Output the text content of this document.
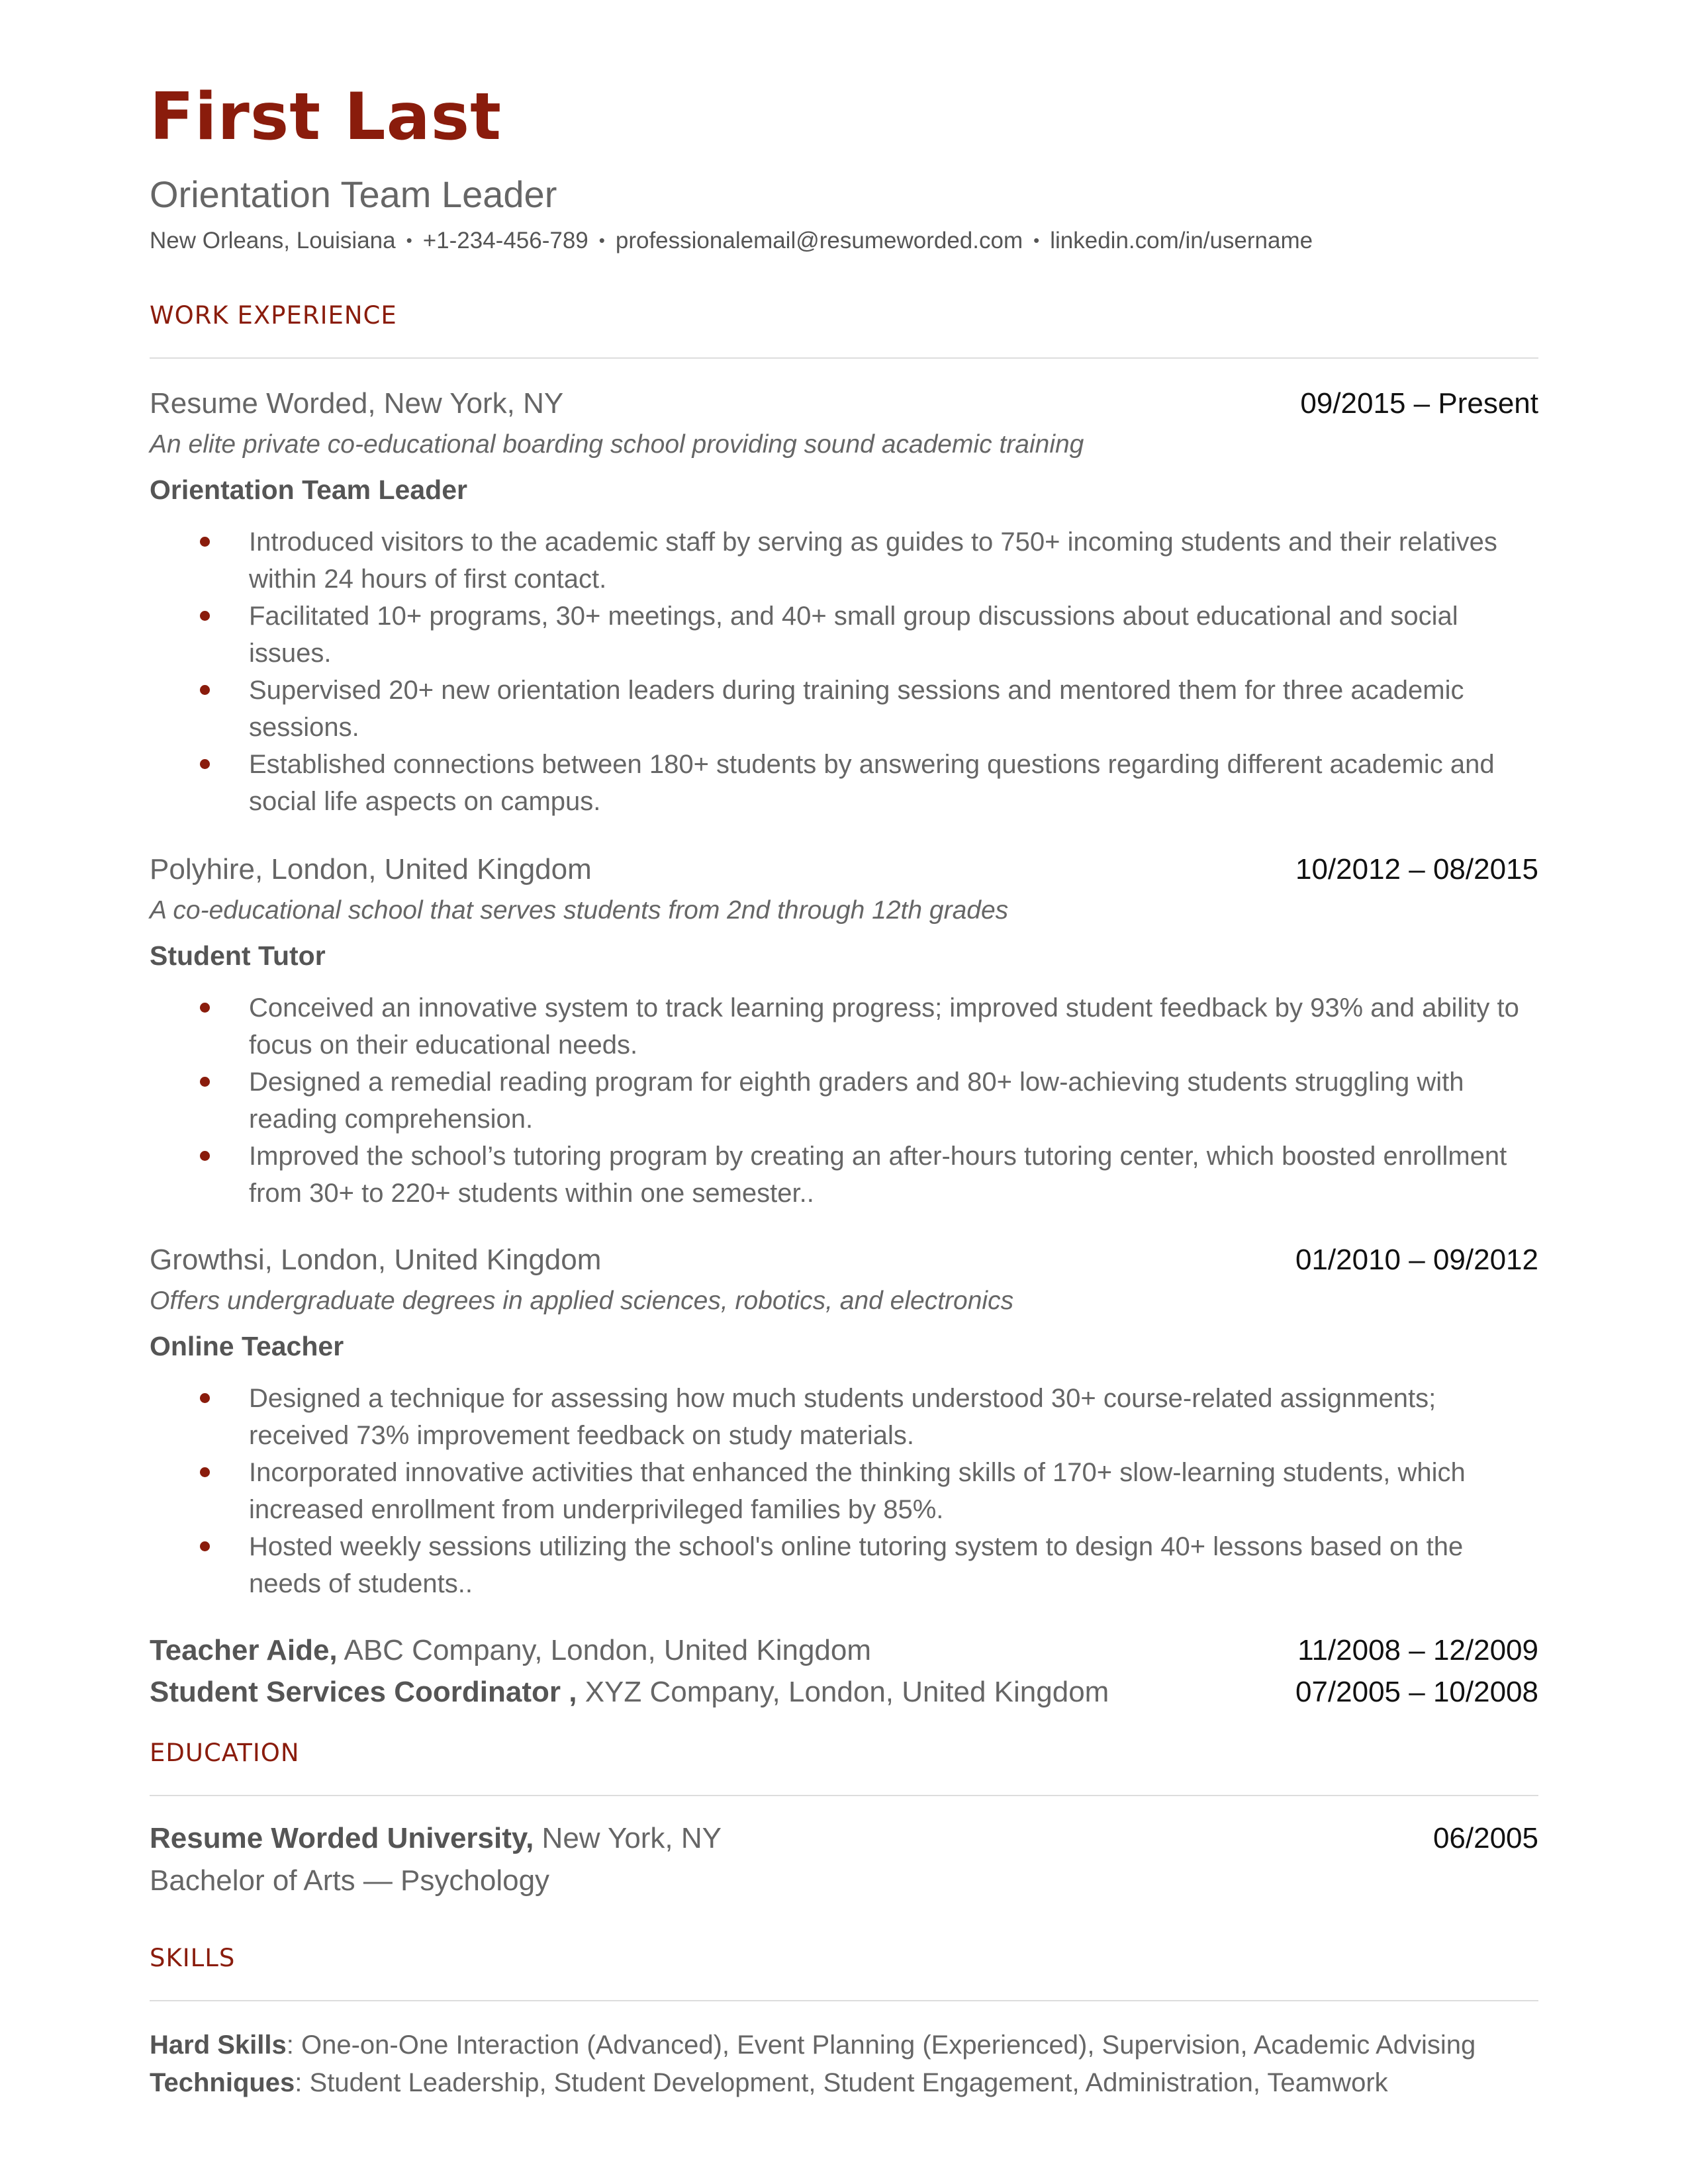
First Last
Orientation Team Leader
New Orleans, Louisiana • +1-234-456-789 • professionalemail@resumeworded.com • linkedin.com/in/username
WORK EXPERIENCE
Resume Worded, New York, NY	09/2015 – Present
An elite private co-educational boarding school providing sound academic training
Orientation Team Leader
Introduced visitors to the academic staff by serving as guides to 750+ incoming students and their relatives within 24 hours of first contact.
Facilitated 10+ programs, 30+ meetings, and 40+ small group discussions about educational and social issues.
Supervised 20+ new orientation leaders during training sessions and mentored them for three academic sessions.
Established connections between 180+ students by answering questions regarding different academic and social life aspects on campus.
Polyhire, London, United Kingdom	10/2012 – 08/2015
A co-educational school that serves students from 2nd through 12th grades
Student Tutor
Conceived an innovative system to track learning progress; improved student feedback by 93% and ability to focus on their educational needs.
Designed a remedial reading program for eighth graders and 80+ low-achieving students struggling with reading comprehension.
Improved the school’s tutoring program by creating an after-hours tutoring center, which boosted enrollment from 30+ to 220+ students within one semester..
Growthsi, London, United Kingdom	01/2010 – 09/2012
Offers undergraduate degrees in applied sciences, robotics, and electronics
Online Teacher
Designed a technique for assessing how much students understood 30+ course-related assignments; received 73% improvement feedback on study materials.
Incorporated innovative activities that enhanced the thinking skills of 170+ slow-learning students, which increased enrollment from underprivileged families by 85%.
Hosted weekly sessions utilizing the school's online tutoring system to design 40+ lessons based on the needs of students..
Teacher Aide, ABC Company, London, United Kingdom	11/2008 – 12/2009
Student Services Coordinator , XYZ Company, London, United Kingdom	07/2005 – 10/2008
EDUCATION
Resume Worded University, New York, NY	06/2005
Bachelor of Arts — Psychology
SKILLS
Hard Skills: One-on-One Interaction (Advanced), Event Planning (Experienced), Supervision, Academic Advising
Techniques: Student Leadership, Student Development, Student Engagement, Administration, Teamwork
